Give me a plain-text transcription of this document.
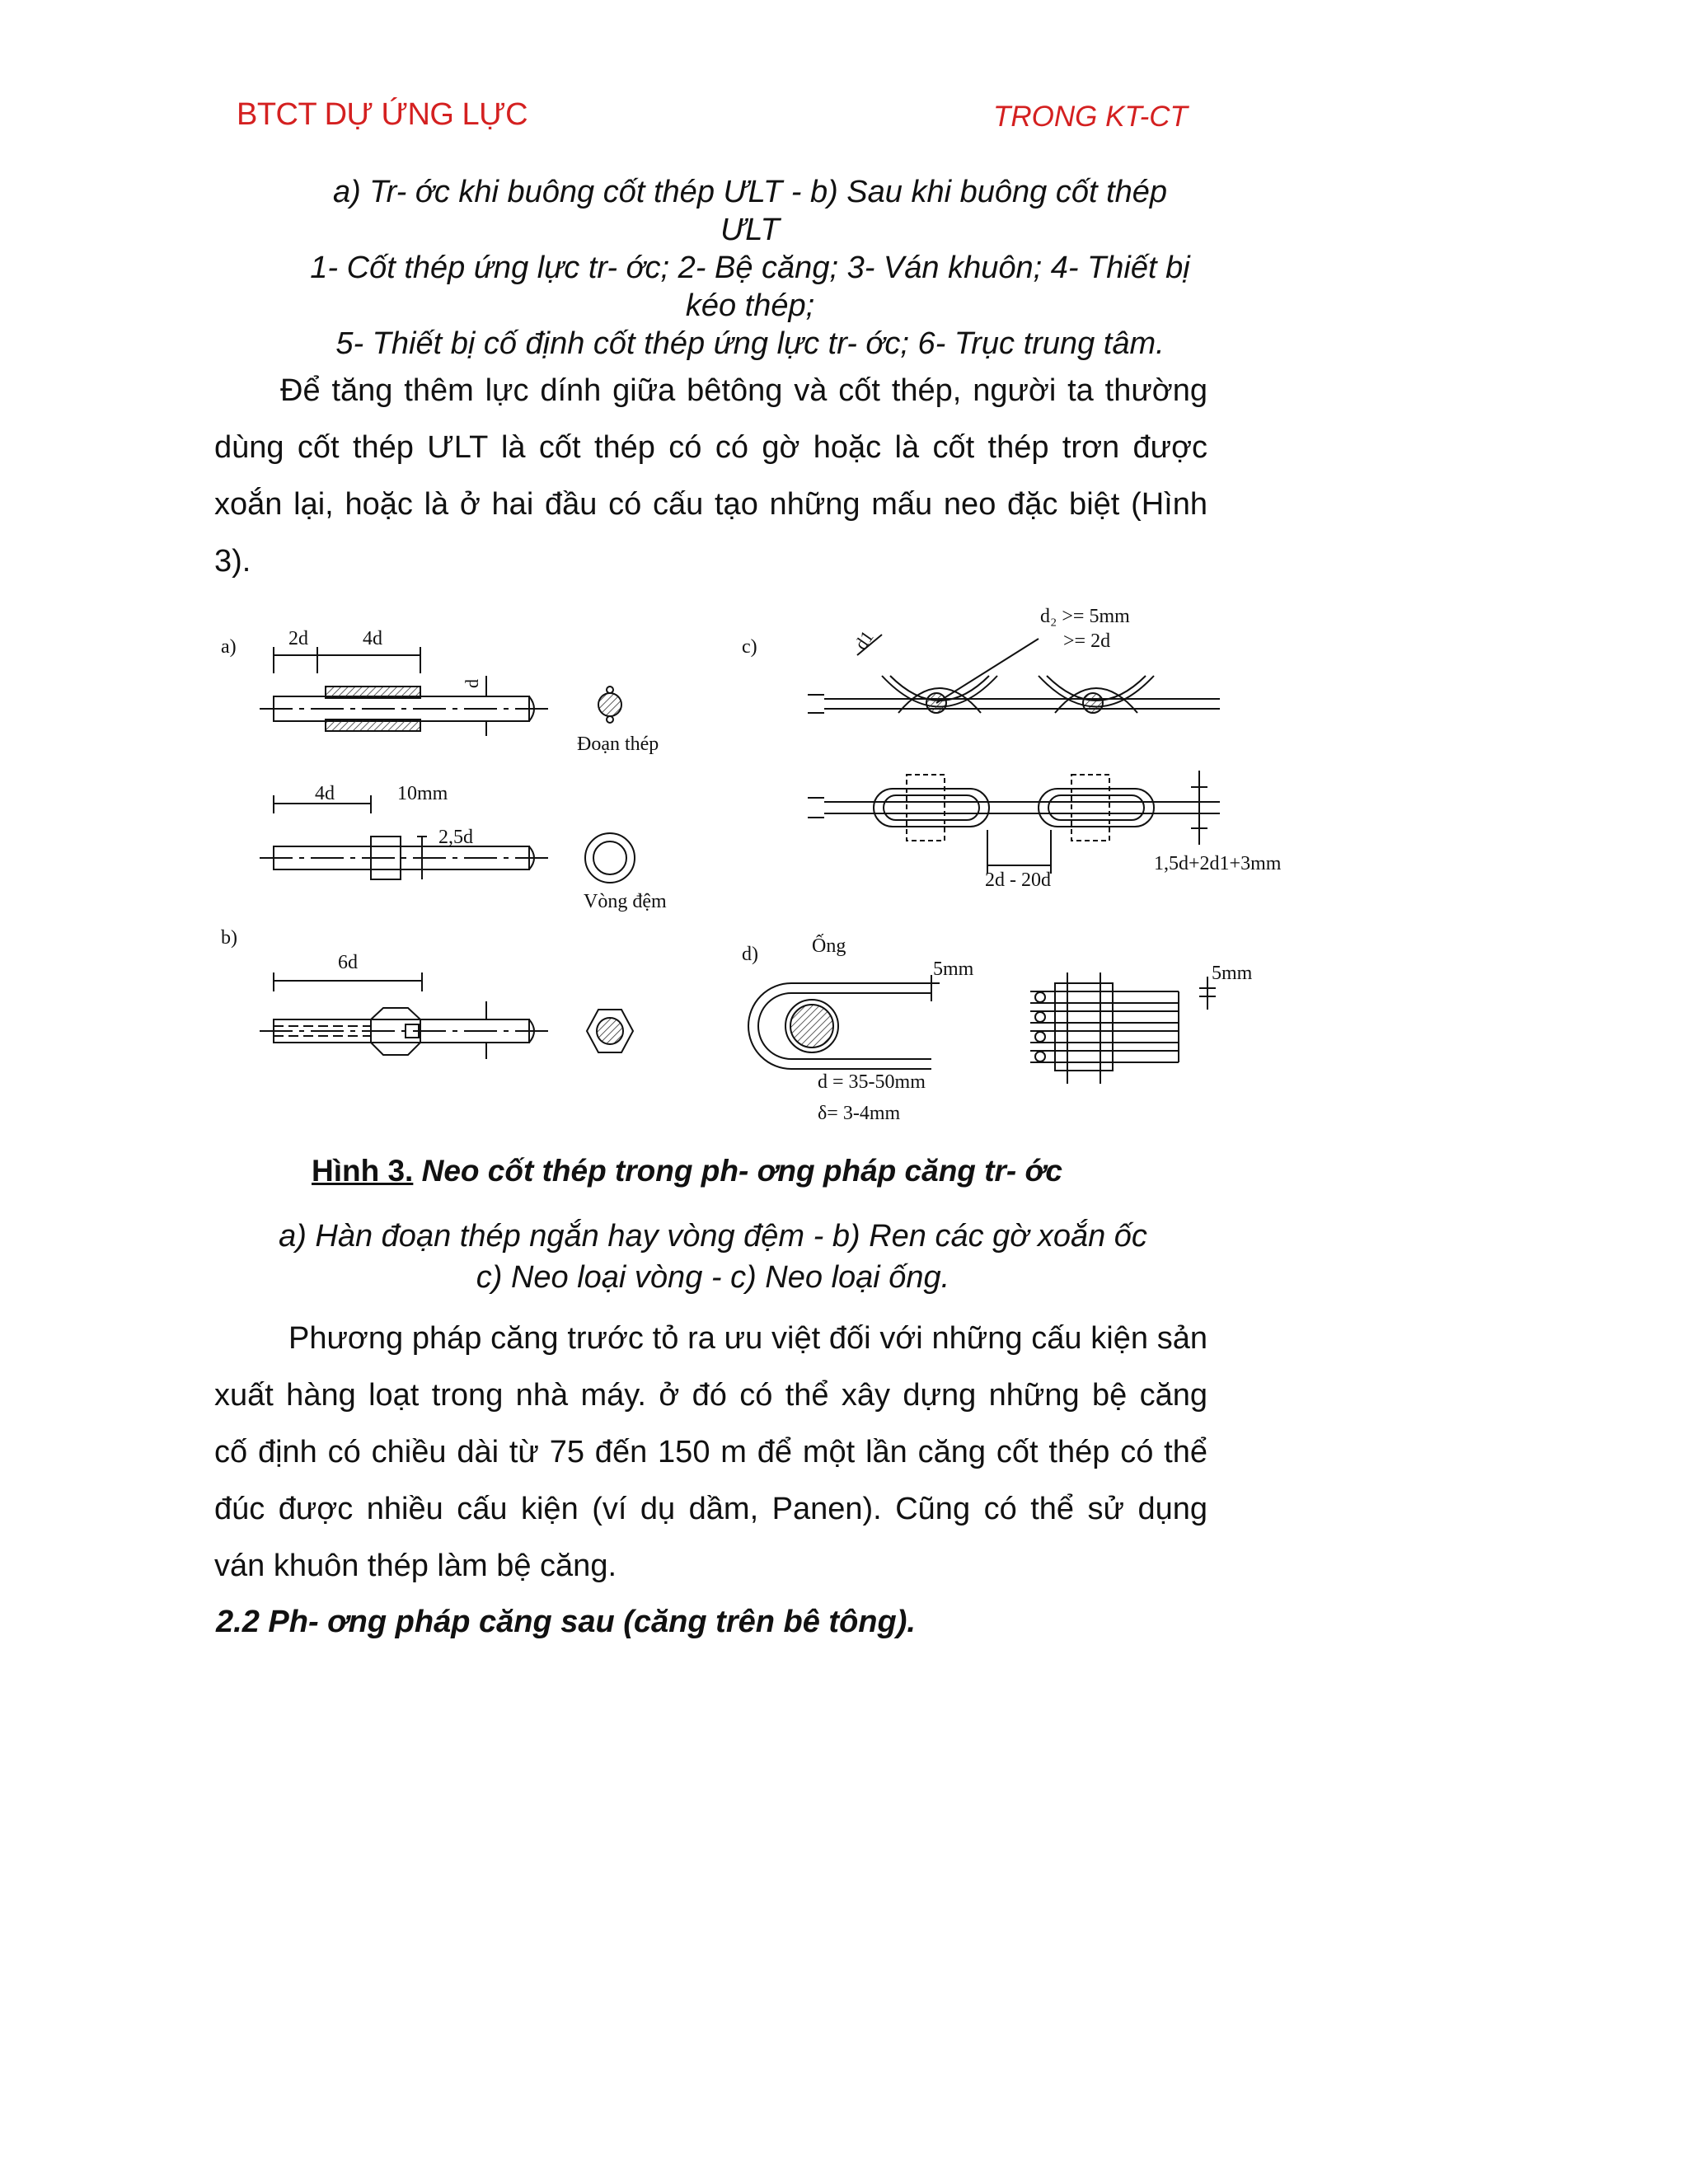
BTCT DỰ ỨNG LỰC	TRONG KT-CT
a) Tr- ớc khi buông cốt thép ƯLT - b) Sau khi buông cốt thép
ƯLT
1- Cốt thép ứng lực tr- ớc; 2- Bệ căng; 3- Ván khuôn; 4- Thiết bị
kéo thép;
5- Thiết bị cố định cốt thép ứng lực tr- ớc; 6- Trục trung tâm.
Để tăng thêm lực dính giữa bêtông và cốt thép, người ta thường
dùng cốt thép ƯLT là cốt thép có có gờ hoặc là cốt thép trơn được
xoắn lại, hoặc là ở hai đầu có cấu tạo những mấu neo đặc biệt (Hình
3).
a)	2d	4d
d
Đoạn thép
4d	10mm
2,5d
Vòng đệm
b)
6d
c)
d₂ >= 5mm
>= 2d
d1
2d - 20d
1,5d+2d1+3mm
d)	Ống
5mm	5mm
d = 35-50mm
δ= 3-4mm
Hình 3. Neo cốt thép trong ph- ơng pháp căng tr- ớc
a) Hàn đoạn thép ngắn hay vòng đệm - b) Ren các gờ xoắn ốc
c) Neo loại vòng - c) Neo loại ống.
Phương pháp căng trước tỏ ra ưu việt đối với những cấu kiện sản
xuất hàng loạt trong nhà máy. ở đó có thể xây dựng những bệ căng
cố định có chiều dài từ 75 đến 150 m để một lần căng cốt thép có thể
đúc được nhiều cấu kiện (ví dụ dầm, Panen). Cũng có thể sử dụng
ván khuôn thép làm bệ căng.
2.2 Ph- ơng pháp căng sau (căng trên bê tông).
